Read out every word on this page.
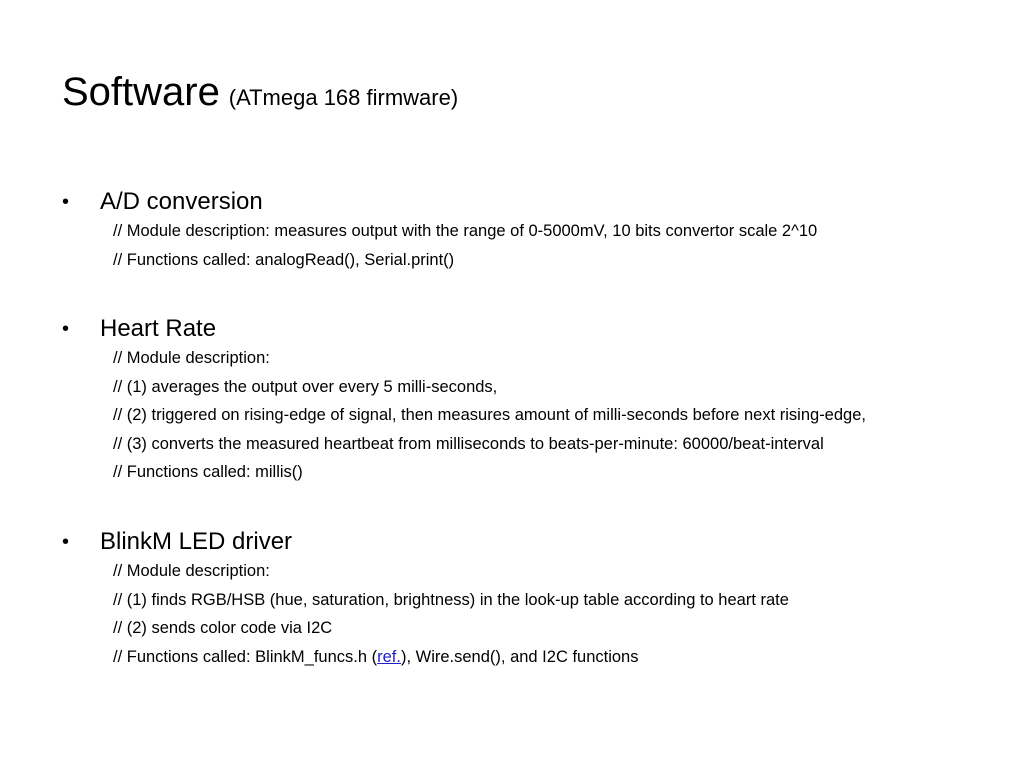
Software (ATmega 168 firmware)
• A/D conversion
// Module description: measures output with the range of 0-5000mV, 10 bits convertor scale 2^10
// Functions called: analogRead(), Serial.print()
• Heart Rate
// Module description:
// (1) averages the output over every 5 milli-seconds,
// (2) triggered on rising-edge of signal, then measures amount of milli-seconds before next rising-edge,
// (3) converts the measured heartbeat from milliseconds to beats-per-minute: 60000/beat-interval
// Functions called: millis()
• BlinkM LED driver
// Module description:
// (1) finds RGB/HSB (hue, saturation, brightness) in the look-up table according to heart rate
// (2) sends color code via I2C
// Functions called: BlinkM_funcs.h (ref.), Wire.send(), and I2C functions
